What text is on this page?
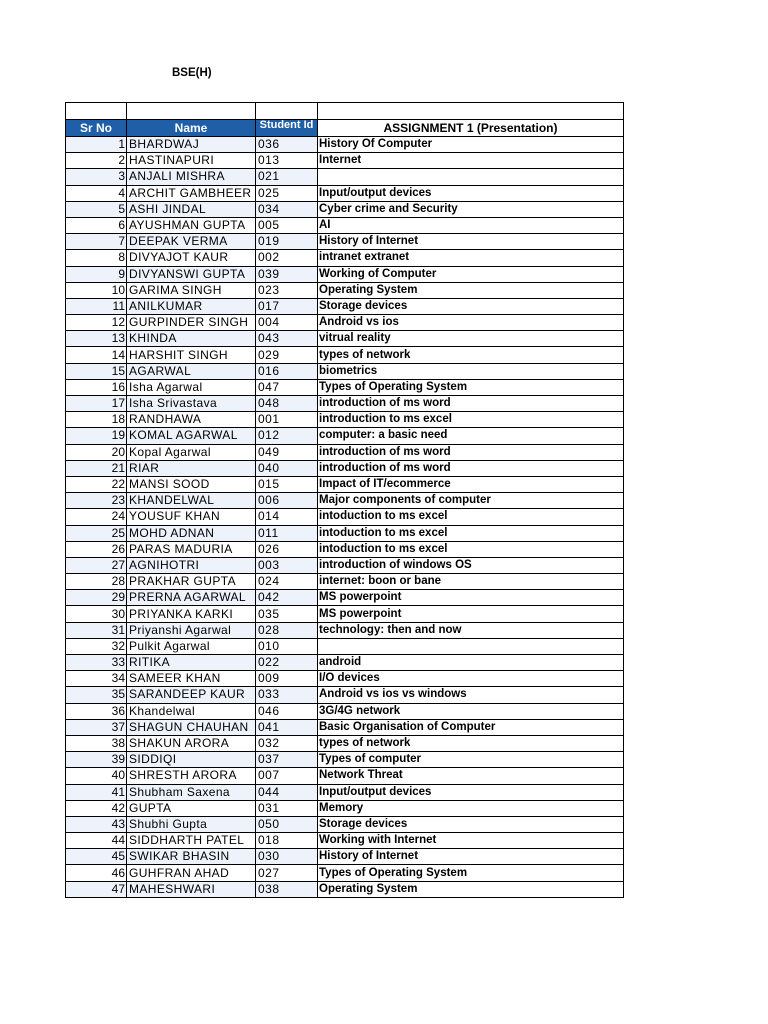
BSE(H)

Sr No	Name	Student Id	ASSIGNMENT 1 (Presentation)
1	BHARDWAJ	036	History Of Computer
2	HASTINAPURI	013	Internet
3	ANJALI MISHRA	021	
4	ARCHIT GAMBHEER	025	Input/output devices
5	ASHI JINDAL	034	Cyber crime and Security
6	AYUSHMAN GUPTA	005	AI
7	DEEPAK VERMA	019	History of Internet
8	DIVYAJOT KAUR	002	intranet extranet
9	DIVYANSWI GUPTA	039	Working of Computer
10	GARIMA SINGH	023	Operating System
11	ANILKUMAR	017	Storage devices
12	GURPINDER SINGH	004	Android vs ios
13	KHINDA	043	vitrual reality
14	HARSHIT SINGH	029	types of network
15	AGARWAL	016	biometrics
16	Isha Agarwal	047	Types of Operating System
17	Isha Srivastava	048	introduction of ms word
18	RANDHAWA	001	introduction to ms excel
19	KOMAL AGARWAL	012	computer: a basic need
20	Kopal Agarwal	049	introduction of ms word
21	RIAR	040	introduction of ms word
22	MANSI SOOD	015	Impact of IT/ecommerce
23	KHANDELWAL	006	Major components of computer
24	YOUSUF KHAN	014	intoduction to ms excel
25	MOHD ADNAN	011	intoduction to ms excel
26	PARAS MADURIA	026	intoduction to ms excel
27	AGNIHOTRI	003	introduction of windows OS
28	PRAKHAR GUPTA	024	internet: boon or bane
29	PRERNA AGARWAL	042	MS powerpoint
30	PRIYANKA KARKI	035	MS powerpoint
31	Priyanshi Agarwal	028	technology: then and now
32	Pulkit Agarwal	010	
33	RITIKA	022	android
34	SAMEER KHAN	009	I/O devices
35	SARANDEEP KAUR	033	Android vs ios vs windows
36	Khandelwal	046	3G/4G network
37	SHAGUN CHAUHAN	041	Basic Organisation of Computer
38	SHAKUN ARORA	032	types of network
39	SIDDIQI	037	Types of computer
40	SHRESTH ARORA	007	Network Threat
41	Shubham Saxena	044	Input/output devices
42	GUPTA	031	Memory
43	Shubhi Gupta	050	Storage devices
44	SIDDHARTH PATEL	018	Working with Internet
45	SWIKAR BHASIN	030	History of Internet
46	GUHFRAN AHAD	027	Types of Operating System
47	MAHESHWARI	038	Operating System
